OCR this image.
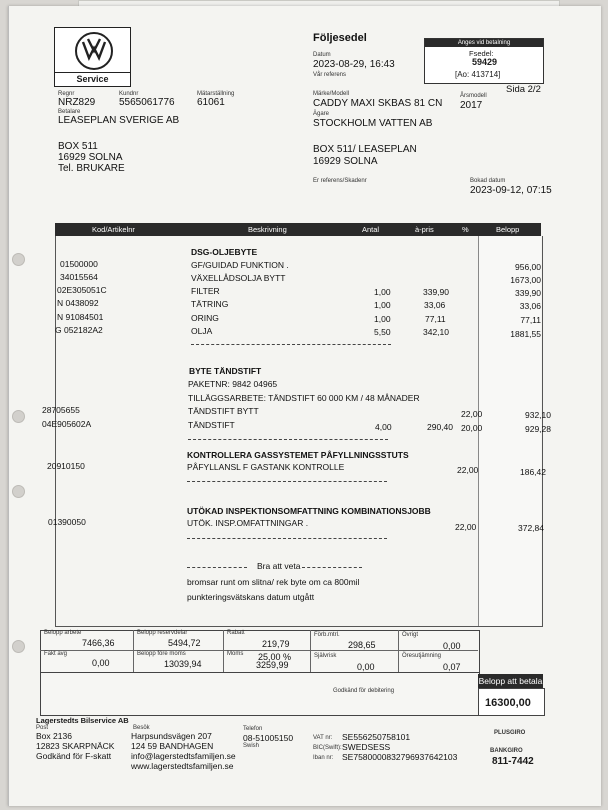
Service
Följesedel	Anges vid betalning
Fsedel:
59429
[Ao: 413714]
Datum
2023-08-29, 16:43
Vår referens
Sida 2/2
Regnr
NRZ829
Kundnr
5565061776
Mätarställning
61061
Märke/Modell
CADDY MAXI SKBAS 81 CN
Årsmodell
2017
Betalare
LEASEPLAN SVERIGE AB
Ägare
STOCKHOLM VATTEN AB
BOX 511
16929 SOLNA
Tel. BRUKARE
BOX 511/ LEASEPLAN
16929 SOLNA
Er referens/Skadenr	Bokad datum
2023-09-12, 07:15
Kod/Artikelnr	Beskrivning	Antal	à-pris	%	Belopp
DSG-OLJEBYTE
01500000	GF/GUIDAD FUNKTION .	956,00
34015564	VÄXELLÅDSOLJA BYTT	1673,00
02E305051C	FILTER	1,00	339,90	339,90
N 0438092	TÄTRING	1,00	33,06	33,06
N 91084501	ORING	1,00	77,11	77,11
G 052182A2	OLJA	5,50	342,10	1881,55
BYTE TÄNDSTIFT
PAKETNR: 9842 04965
TILLÄGGSARBETE: TÄNDSTIFT 60 000 KM / 48 MÅNADER
28705655	TÄNDSTIFT BYTT	22,00	932,10
04E905602A	TÄNDSTIFT	4,00	290,40 20,00	929,28
KONTROLLERA GASSYSTEMET PÅFYLLNINGSSTUTS
20910150	PÅFYLLANSL F GASTANK KONTROLLE	22,00	186,42
UTÖKAD INSPEKTIONSOMFATTNING KOMBINATIONSJOBB
01390050	UTÖK. INSP.OMFATTNINGAR .	22,00	372,84
Bra att veta
bromsar runt om slitna/ rek byte om ca 800mil
punkteringsvätskans datum utgått
Belopp arbete
7466,36
Belopp reservdelar
5494,72
Rabatt
219,79
Förb.mtrl.
298,65
Övrigt
0,00
Fakt avg
0,00
Belopp före moms
13039,94
Moms 25,00 %
3259,99
Självrisk
0,00
Öresutjämning
0,07
Godkänd för debitering
Belopp att betala
16300,00
Lagerstedts Bilservice AB
Post
Box 2136
12823 SKARPNÄCK
Godkänd för F-skatt
Besök
Harpsundsvägen 207
124 59 BANDHAGEN
info@lagerstedtsfamiljen.se
www.lagerstedtsfamiljen.se
Telefon
08-51005150
Swish
VAT nr: SE556250758101
BIC(Swift): SWEDSESS
Iban nr: SE7580000832796937642103
PLUSGIRO
BANKGIRO
811-7442
